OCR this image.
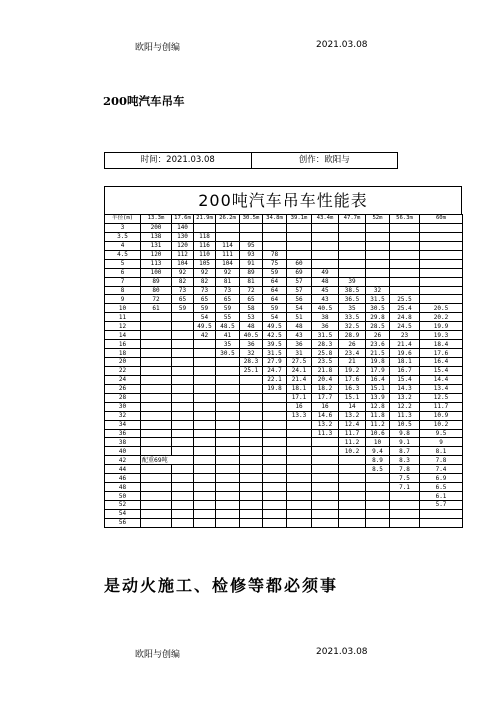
欧阳与创编	2021.03.08
200吨汽车吊车
时间：2021.03.08	创作：欧阳与
200吨汽车吊车性能表
半径(m)	13.3m	17.6m	21.9m	26.2m	30.5m	34.8m	39.1m	43.4m	47.7m	52m	56.3m	60m	
3	200	140											
3.5	138	130	118										
4	131	120	116	114	95								
4.5	120	112	110	111	93	78							
5	113	104	105	104	91	75	60						
6	100	92	92	92	89	59	69	49					
7	89	82	82	81	81	64	57	48	39				
8	80	73	73	73	72	64	57	45	38.5	32			
9	72	65	65	65	65	64	56	43	36.5	31.5	25.5		
10	61	59	59	59	58	59	54	40.5	35	30.5	25.4	20.5	
11			54	55	53	54	51	38	33.5	29.8	24.8	20.2	
12			49.5	48.5	48	49.5	48	36	32.5	28.5	24.5	19.9	
14			42	41	40.5	42.5	43	31.5	28.9	26	23	19.3	
16				35	36	39.5	36	28.3	26	23.6	21.4	18.4	
18				30.5	32	31.5	31	25.8	23.4	21.5	19.6	17.6	
20					28.3	27.9	27.5	23.5	21	19.8	18.1	16.4	
22					25.1	24.7	24.1	21.8	19.2	17.9	16.7	15.4	
24						22.1	21.4	20.4	17.6	16.4	15.4	14.4	
26						19.8	18.1	18.2	16.3	15.1	14.3	13.4	
28							17.1	17.7	15.1	13.9	13.2	12.5	
30							16	16	14	12.8	12.2	11.7	
32							13.3	14.6	13.2	11.8	11.3	10.9	
34								13.2	12.4	11.2	10.5	10.2	
36								11.3	11.7	10.6	9.8	9.5	
38									11.2	10	9.1	9	
40									10.2	9.4	8.7	8.1	
42	配重69吨									8.9	8.3	7.8	
44										8.5	7.8	7.4	
46											7.5	6.9	
48											7.1	6.5	
50												6.1	
52												5.7	
54													
56													
是动火施工、检修等都必须事
欧阳与创编	2021.03.08
